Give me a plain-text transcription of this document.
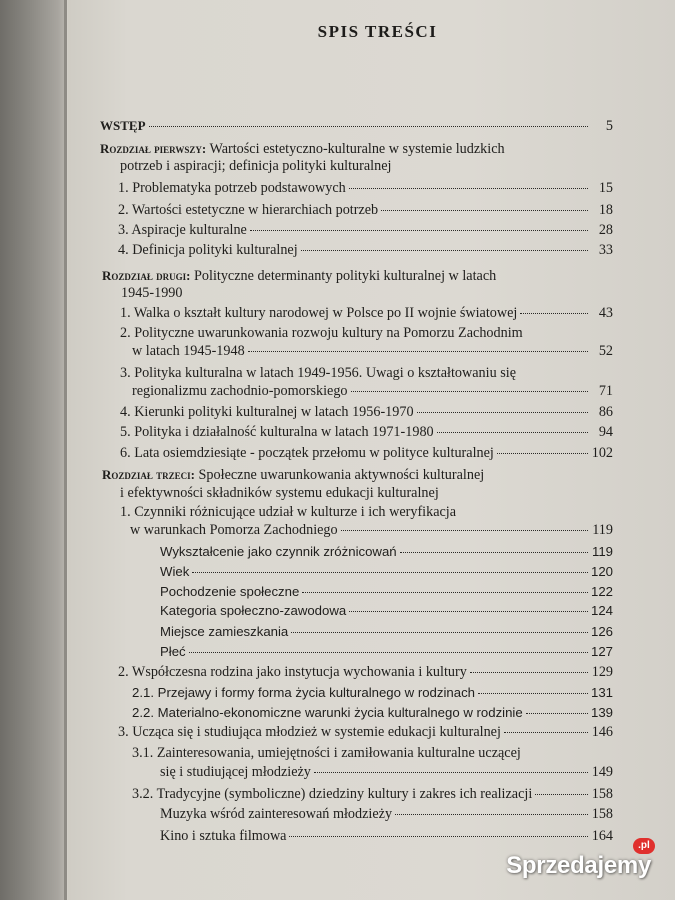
SPIS TREŚCI
WSTĘP	5
Rozdział pierwszy: Wartości estetyczno-kulturalne w systemie ludzkich
potrzeb i aspiracji; definicja polityki kulturalnej
1. Problematyka potrzeb podstawowych	15
2. Wartości estetyczne w hierarchiach potrzeb	18
3. Aspiracje kulturalne	28
4. Definicja polityki kulturalnej	33
Rozdział drugi: Polityczne determinanty polityki kulturalnej w latach
1945-1990
1. Walka o kształt kultury narodowej w Polsce po II wojnie światowej	43
2. Polityczne uwarunkowania rozwoju kultury na Pomorzu Zachodnim
w latach 1945-1948	52
3. Polityka kulturalna w latach 1949-1956. Uwagi o kształtowaniu się
regionalizmu zachodnio-pomorskiego	71
4. Kierunki polityki kulturalnej w latach 1956-1970	86
5. Polityka i działalność kulturalna w latach 1971-1980	94
6. Lata osiemdziesiąte - początek przełomu w polityce kulturalnej	102
Rozdział trzeci: Społeczne uwarunkowania aktywności kulturalnej
i efektywności składników systemu edukacji kulturalnej
1. Czynniki różnicujące udział w kulturze i ich weryfikacja
w warunkach Pomorza Zachodniego	119
Wykształcenie jako czynnik zróżnicowań	119
Wiek	120
Pochodzenie społeczne	122
Kategoria społeczno-zawodowa	124
Miejsce zamieszkania	126
Płeć	127
2. Współczesna rodzina jako instytucja wychowania i kultury	129
2.1. Przejawy i formy forma życia kulturalnego w rodzinach	131
2.2. Materialno-ekonomiczne warunki życia kulturalnego w rodzinie	139
3. Ucząca się i studiująca młodzież w systemie edukacji kulturalnej	146
3.1. Zainteresowania, umiejętności i zamiłowania kulturalne uczącej
się i studiującej młodzieży	149
3.2. Tradycyjne (symboliczne) dziedziny kultury i zakres ich realizacji	158
Muzyka wśród zainteresowań młodzieży	158
Kino i sztuka filmowa	164
.pl
Sprzedajemy
